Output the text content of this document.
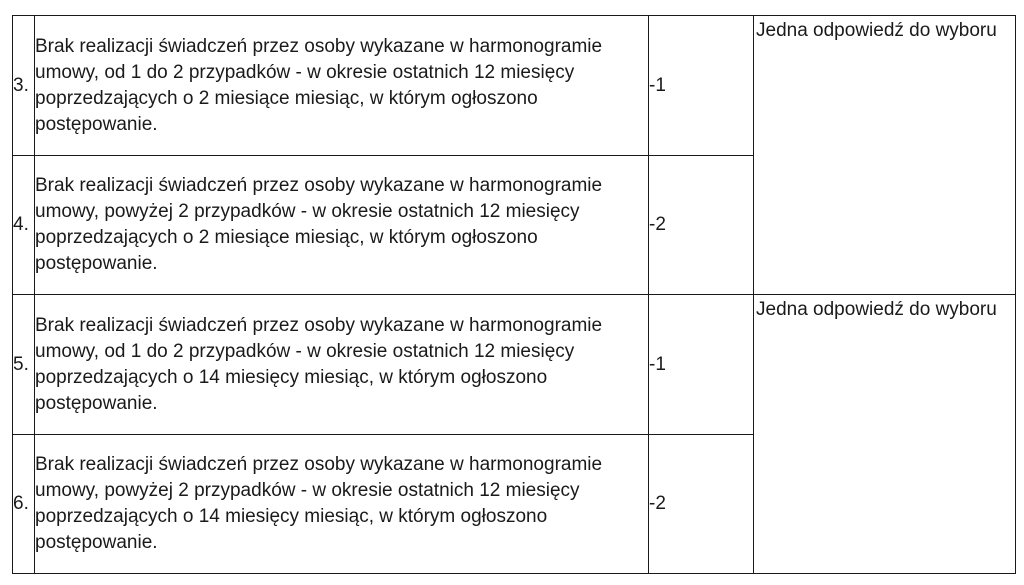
3.	Brak realizacji świadczeń przez osoby wykazane w harmonogramie umowy, od 1 do 2 przypadków - w okresie ostatnich 12 miesięcy poprzedzających o 2 miesiące miesiąc, w którym ogłoszono postępowanie.	-1	Jedna odpowiedź do wyboru
4.	Brak realizacji świadczeń przez osoby wykazane w harmonogramie umowy, powyżej 2 przypadków - w okresie ostatnich 12 miesięcy poprzedzających o 2 miesiące miesiąc, w którym ogłoszono postępowanie.	-2	
5.	Brak realizacji świadczeń przez osoby wykazane w harmonogramie umowy, od 1 do 2 przypadków - w okresie ostatnich 12 miesięcy poprzedzających o 14 miesięcy miesiąc, w którym ogłoszono postępowanie.	-1	Jedna odpowiedź do wyboru
6.	Brak realizacji świadczeń przez osoby wykazane w harmonogramie umowy, powyżej 2 przypadków - w okresie ostatnich 12 miesięcy poprzedzających o 14 miesięcy miesiąc, w którym ogłoszono postępowanie.	-2	
